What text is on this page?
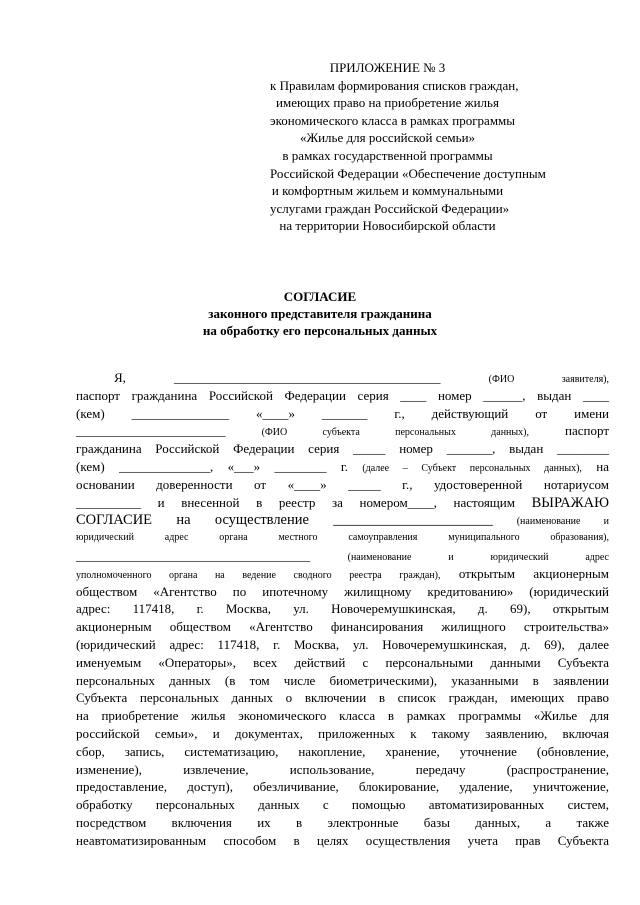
ПРИЛОЖЕНИЕ № 3
к Правилам формирования списков граждан,
имеющих право на приобретение жилья
экономического класса в рамках программы
«Жилье для российской семьи»
в рамках государственной программы
Российской Федерации «Обеспечение доступным
и комфортным жильем и коммунальными
услугами граждан Российской Федерации»
на территории Новосибирской области
СОГЛАСИЕ
законного представителя гражданина
на обработку его персональных данных
Я,	_________________________________________	(ФИО заявителя),
паспорт гражданина Российской Федерации серия ____ номер ______, выдан ____
(кем) _______________ «____» _______ г., действующий от имени
_______________________	(ФИО субъекта персональных данных),	паспорт
гражданина Российской Федерации серия _____ номер _______, выдан ________
(кем) ______________, «___» ________ г. (далее – Субъект персональных данных), на
основании доверенности от «____» _____ г., удостоверенной нотариусом
__________ и внесенной в реестр за номером____, настоящим ВЫРАЖАЮ
СОГЛАСИЕ на осуществление ______________________ (наименование и
юридический адрес органа местного самоуправления муниципального образования),
____________________________________	(наименование и юридический адрес
уполномоченного органа на ведение сводного реестра граждан), открытым акционерным
обществом «Агентство по ипотечному жилищному кредитованию» (юридический
адрес: 117418, г. Москва, ул. Новочеремушкинская, д. 69), открытым
акционерным обществом «Агентство финансирования жилищного строительства»
(юридический адрес: 117418, г. Москва, ул. Новочеремушкинская, д. 69), далее
именуемым «Операторы», всех действий с персональными данными Субъекта
персональных данных (в том числе биометрическими), указанными в заявлении
Субъекта персональных данных о включении в список граждан, имеющих право
на приобретение жилья экономического класса в рамках программы «Жилье для
российской семьи», и документах, приложенных к такому заявлению, включая
сбор, запись, систематизацию, накопление, хранение, уточнение (обновление,
изменение), извлечение, использование, передачу (распространение,
предоставление, доступ), обезличивание, блокирование, удаление, уничтожение,
обработку персональных данных с помощью автоматизированных систем,
посредством включения их в электронные базы данных, а также
неавтоматизированным способом в целях осуществления учета прав Субъекта
